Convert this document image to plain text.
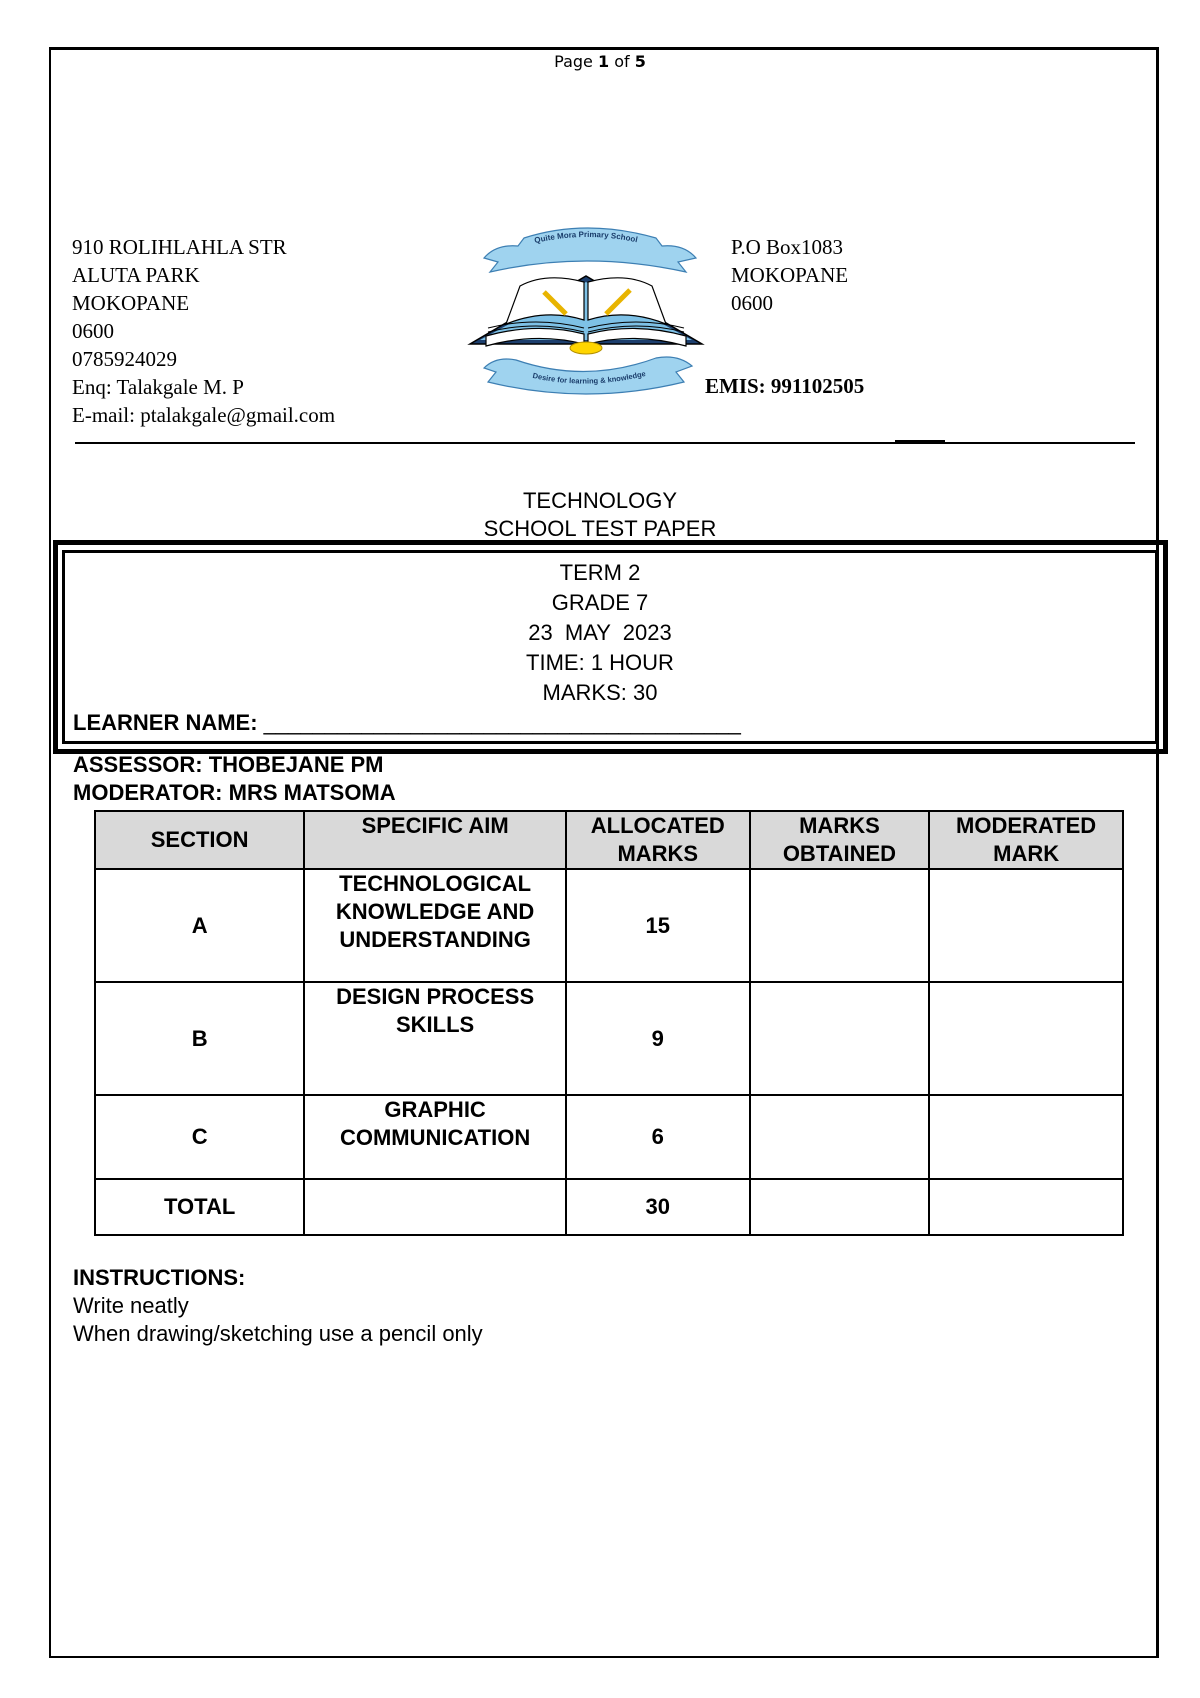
Page 1 of 5
910 ROLIHLAHLA STR
ALUTA PARK
MOKOPANE
0600
0785924029
Enq: Talakgale M. P
E-mail: ptalakgale@gmail.com
P.O Box1083
MOKOPANE
0600
EMIS: 991102505
Quite Mora Primary School
Desire for learning & knowledge
TECHNOLOGY
SCHOOL TEST PAPER
TERM 2
GRADE 7
23  MAY  2023
TIME: 1 HOUR
MARKS: 30
LEARNER NAME: _______________________________________
ASSESSOR: THOBEJANE PM
MODERATOR: MRS MATSOMA
SECTION	SPECIFIC AIM	ALLOCATED MARKS	MARKS OBTAINED	MODERATED MARK
A	TECHNOLOGICAL KNOWLEDGE AND UNDERSTANDING	15		
B	DESIGN PROCESS SKILLS	9		
C	GRAPHIC COMMUNICATION	6		
TOTAL		30		
INSTRUCTIONS:
Write neatly
When drawing/sketching use a pencil only
